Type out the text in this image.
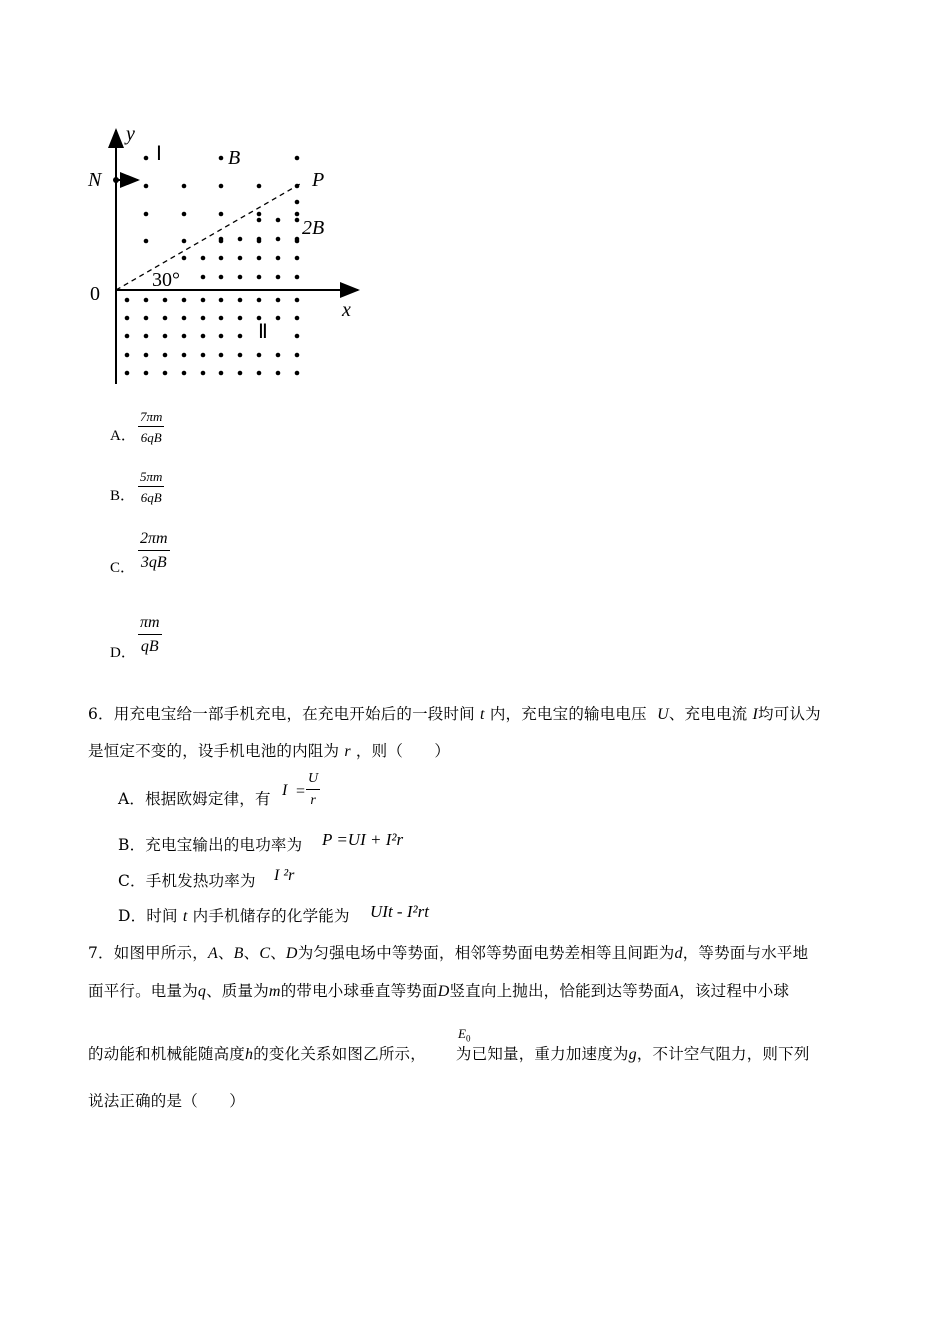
y
x
0
N	P
Ⅰ
Ⅱ
B
2B
30°
A．
7πm
6qB
B．
5πm
6qB
C．
2πm
3qB
D．
πm
qB
6．用充电宝给一部手机充电，在充电开始后的一段时间 t 内，充电宝的输电电压 U、充电电流 I均可认为
是恒定不变的，设手机电池的内阻为 r ，则（　　）
A．根据欧姆定律，有 I =
U
r
B．充电宝输出的电功率为 P =UI + I²r
C．手机发热功率为 I ²r
D．时间 t 内手机储存的化学能为 UIt - I²rt
7．如图甲所示，A、B、C、D为匀强电场中等势面，相邻等势面电势差相等且间距为d，等势面与水平地
面平行。电量为q、质量为m的带电小球垂直等势面D竖直向上抛出，恰能到达等势面A，该过程中小球
的动能和机械能随高度h的变化关系如图乙所示， 为已知量，重力加速度为g，不计空气阻力，则下列
$E_0$
说法正确的是（　　）
